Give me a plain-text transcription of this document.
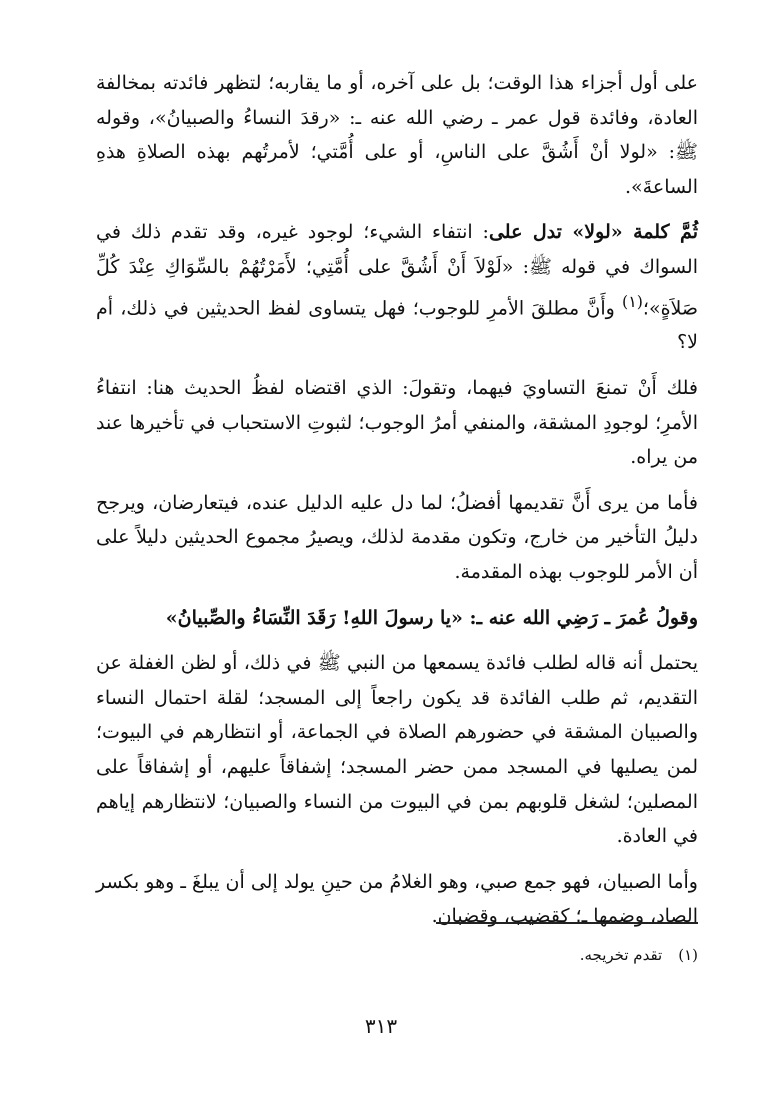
على أول أجزاء هذا الوقت؛ بل على آخره، أو ما يقاربه؛ لتظهر فائدته بمخالفة العادة، وفائدة قول عمر ـ رضي الله عنه ـ: «رقدَ النساءُ والصبيانُ»، وقوله ﷺ: «لولا أنْ أَشُقَّ على الناسِ، أو على أُمَّتي؛ لأمرتُهم بهذه الصلاةِ هذهِ الساعةَ».

ثُمَّ كلمة «لولا» تدل على: انتفاء الشيء؛ لوجود غيره، وقد تقدم ذلك في السواك في قوله ﷺ: «لَوْلاَ أَنْ أَشُقَّ على أُمَّتِي؛ لأَمَرْتُهُمْ بالسِّوَاكِ عِنْدَ كُلِّ صَلاَةٍ»؛$^{(١)}$ وأَنَّ مطلقَ الأمرِ للوجوب؛ فهل يتساوى لفظ الحديثين في ذلك، أم لا؟

فلك أَنْ تمنعَ التساويَ فيهما، وتقولَ: الذي اقتضاه لفظُ الحديث هنا: انتفاءُ الأمرِ؛ لوجودِ المشقة، والمنفي أمرُ الوجوب؛ لثبوتِ الاستحباب في تأخيرها عند من يراه.

فأما من يرى أَنَّ تقديمها أفضلُ؛ لما دل عليه الدليل عنده، فيتعارضان، ويرجح دليلُ التأخير من خارج، وتكون مقدمة لذلك، ويصيرُ مجموع الحديثين دليلاً على أن الأمر للوجوب بهذه المقدمة.

وقولُ عُمرَ ـ رَضِي الله عنه ـ: «يا رسولَ اللهِ! رَقَدَ النِّسَاءُ والصِّبيانُ»

يحتمل أنه قاله لطلب فائدة يسمعها من النبي ﷺ في ذلك، أو لظن الغفلة عن التقديم، ثم طلب الفائدة قد يكون راجعاً إلى المسجد؛ لقلة احتمال النساء والصبيان المشقة في حضورهم الصلاة في الجماعة، أو انتظارهم في البيوت؛ لمن يصليها في المسجد ممن حضر المسجد؛ إشفاقاً عليهم، أو إشفاقاً على المصلين؛ لشغل قلوبهم بمن في البيوت من النساء والصبيان؛ لانتظارهم إياهم في العادة.

وأما الصبيان، فهو جمع صبي، وهو الغلامُ من حينِ يولد إلى أن يبلغَ ـ وهو بكسر الصاد، وضمها ـ؛ كقضيب، وقضبان.

(١)تقدم تخريجه.
٣١٣
